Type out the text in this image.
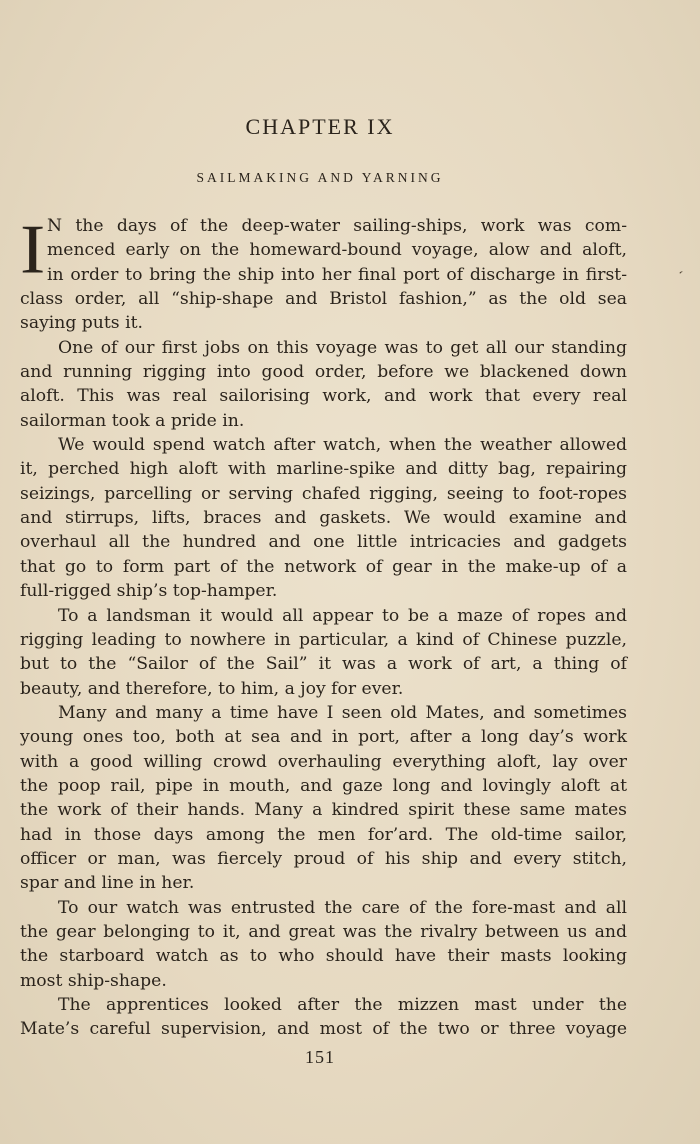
CHAPTER IX
SAILMAKING AND YARNING
I N the days of the deep-water sailing-ships, work was com-
menced early on the homeward-bound voyage, alow and aloft,
in order to bring the ship into her final port of discharge in first-
class order, all “ship-shape and Bristol fashion,” as the old sea
saying puts it.
One of our first jobs on this voyage was to get all our standing
and running rigging into good order, before we blackened down
aloft. This was real sailorising work, and work that every real
sailorman took a pride in.
We would spend watch after watch, when the weather allowed
it, perched high aloft with marline-spike and ditty bag, repairing
seizings, parcelling or serving chafed rigging, seeing to foot-ropes
and stirrups, lifts, braces and gaskets. We would examine and
overhaul all the hundred and one little intricacies and gadgets
that go to form part of the network of gear in the make-up of a
full-rigged ship’s top-hamper.
To a landsman it would all appear to be a maze of ropes and
rigging leading to nowhere in particular, a kind of Chinese puzzle,
but to the “Sailor of the Sail” it was a work of art, a thing of
beauty, and therefore, to him, a joy for ever.
Many and many a time have I seen old Mates, and sometimes
young ones too, both at sea and in port, after a long day’s work
with a good willing crowd overhauling everything aloft, lay over
the poop rail, pipe in mouth, and gaze long and lovingly aloft at
the work of their hands. Many a kindred spirit these same mates
had in those days among the men for’ard. The old-time sailor,
officer or man, was fiercely proud of his ship and every stitch,
spar and line in her.
To our watch was entrusted the care of the fore-mast and all
the gear belonging to it, and great was the rivalry between us and
the starboard watch as to who should have their masts looking
most ship-shape.
The apprentices looked after the mizzen mast under the
Mate’s careful supervision, and most of the two or three voyage
151
‘
